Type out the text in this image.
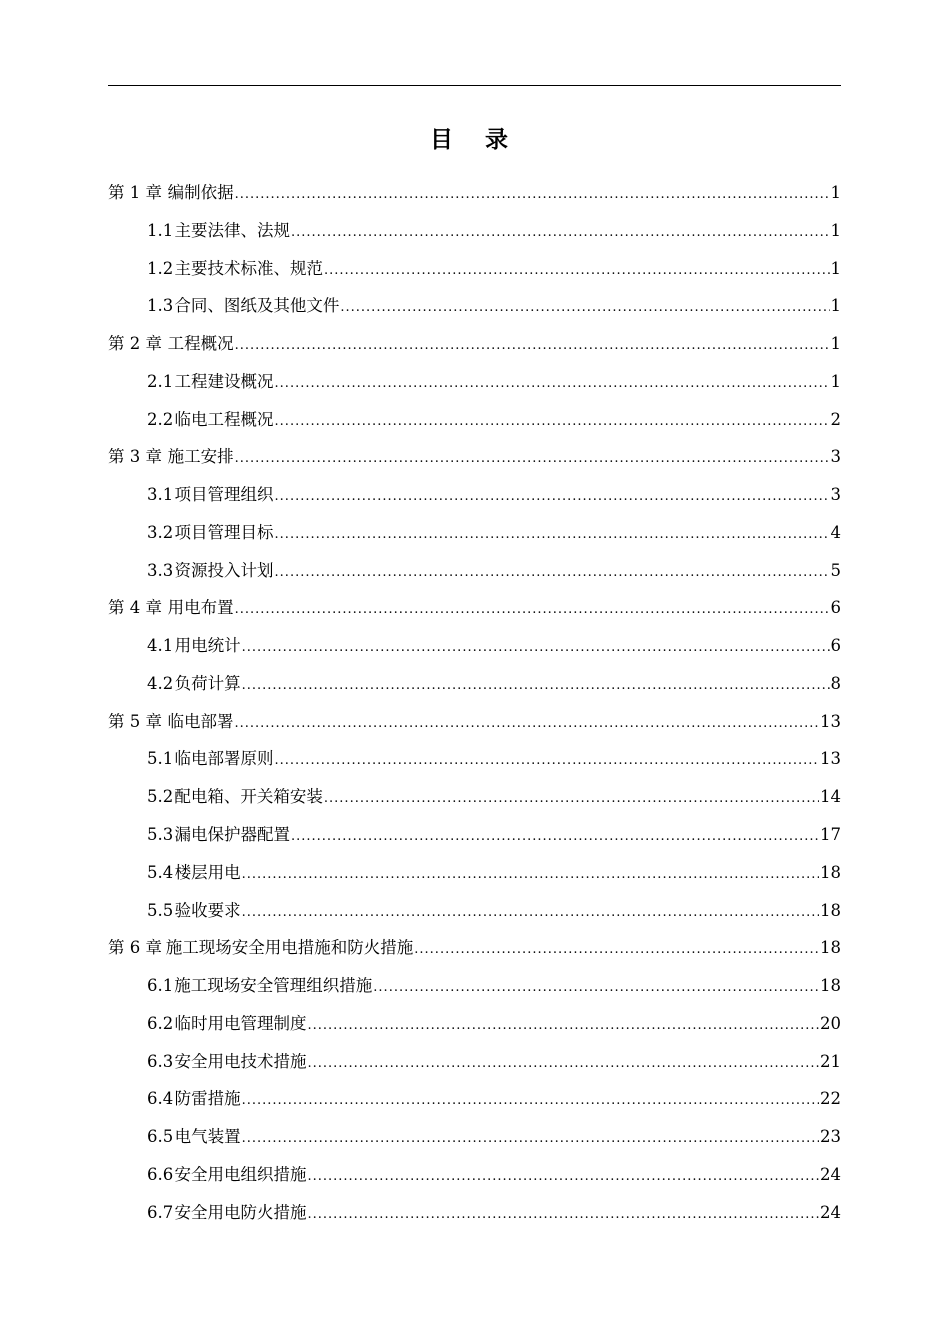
目 录
第 1 章 编制依据 .....	1
1.1 主要法律、法规 .....	1
1.2 主要技术标准、规范 .....	1
1.3 合同、图纸及其他文件 .....	1
第 2 章 工程概况 .....	1
2.1 工程建设概况 .....	1
2.2 临电工程概况 .....	2
第 3 章 施工安排 .....	3
3.1 项目管理组织 .....	3
3.2 项目管理目标 .....	4
3.3 资源投入计划 .....	5
第 4 章 用电布置 .....	6
4.1 用电统计 .....	6
4.2 负荷计算 .....	8
第 5 章 临电部署 .....	13
5.1 临电部署原则 .....	13
5.2 配电箱、开关箱安装 .....	14
5.3 漏电保护器配置 .....	17
5.4 楼层用电 .....	18
5.5 验收要求 .....	18
第 6 章 施工现场安全用电措施和防火措施 .....	18
6.1 施工现场安全管理组织措施 .....	18
6.2 临时用电管理制度 .....	20
6.3 安全用电技术措施 .....	21
6.4 防雷措施 .....	22
6.5 电气装置 .....	23
6.6 安全用电组织措施 .....	24
6.7 安全用电防火措施 .....	24
